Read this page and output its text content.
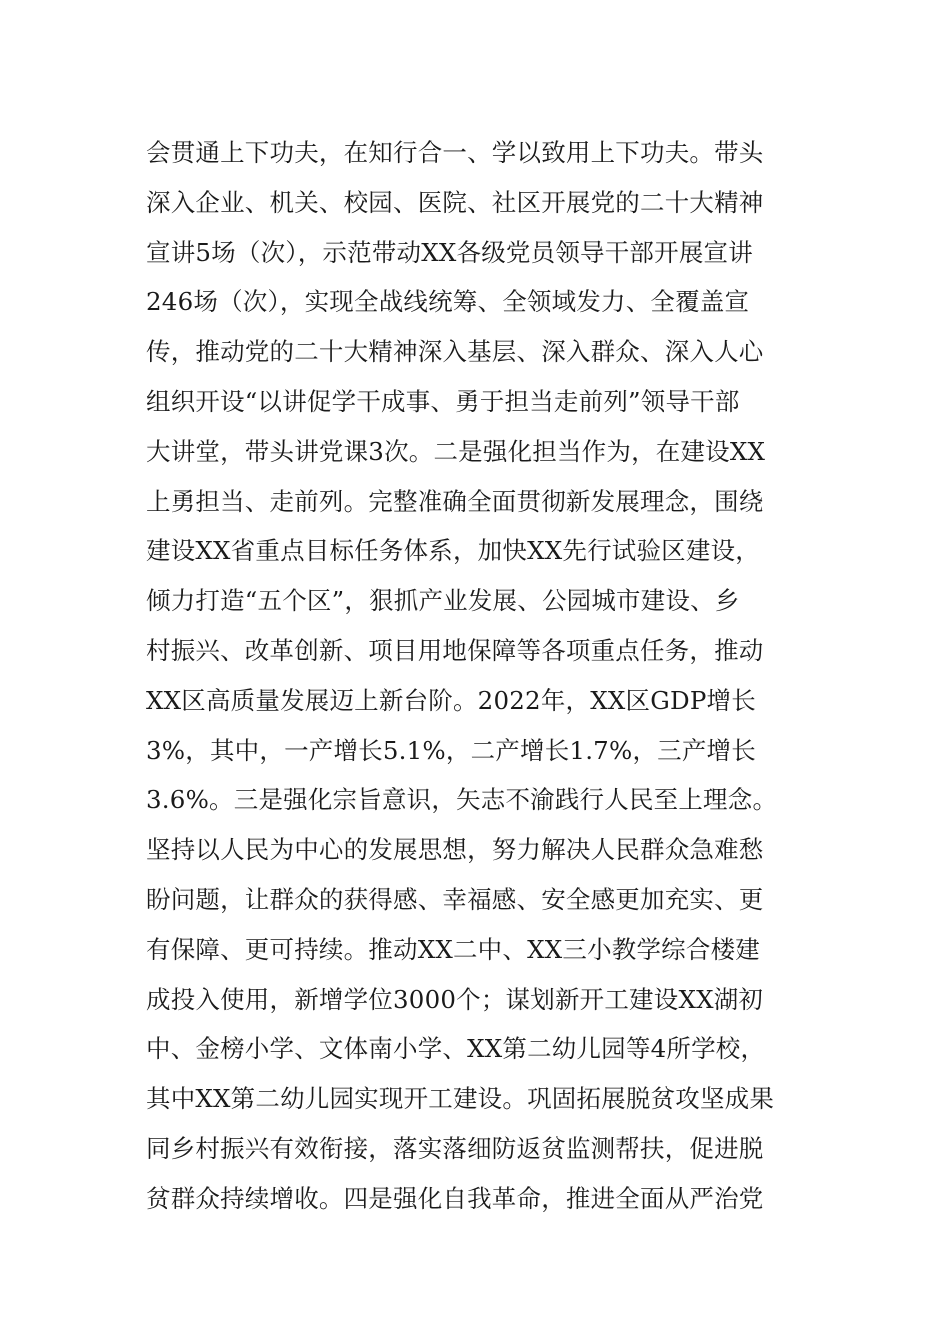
会贯通上下功夫，在知行合一、学以致用上下功夫。带头
深入企业、机关、校园、医院、社区开展党的二十大精神
宣讲5场（次），示范带动XX各级党员领导干部开展宣讲
246场（次），实现全战线统筹、全领域发力、全覆盖宣
传，推动党的二十大精神深入基层、深入群众、深入人心
组织开设“以讲促学干成事、勇于担当走前列”领导干部
大讲堂，带头讲党课3次。二是强化担当作为，在建设XX
上勇担当、走前列。完整准确全面贯彻新发展理念，围绕
建设XX省重点目标任务体系，加快XX先行试验区建设，
倾力打造“五个区”，狠抓产业发展、公园城市建设、乡
村振兴、改革创新、项目用地保障等各项重点任务，推动
XX区高质量发展迈上新台阶。2022年，XX区GDP增长
3%，其中，一产增长5.1%，二产增长1.7%，三产增长
3.6%。三是强化宗旨意识，矢志不渝践行人民至上理念。
坚持以人民为中心的发展思想，努力解决人民群众急难愁
盼问题，让群众的获得感、幸福感、安全感更加充实、更
有保障、更可持续。推动XX二中、XX三小教学综合楼建
成投入使用，新增学位3000个；谋划新开工建设XX湖初
中、金榜小学、文体南小学、XX第二幼儿园等4所学校，
其中XX第二幼儿园实现开工建设。巩固拓展脱贫攻坚成果
同乡村振兴有效衔接，落实落细防返贫监测帮扶，促进脱
贫群众持续增收。四是强化自我革命，推进全面从严治党
